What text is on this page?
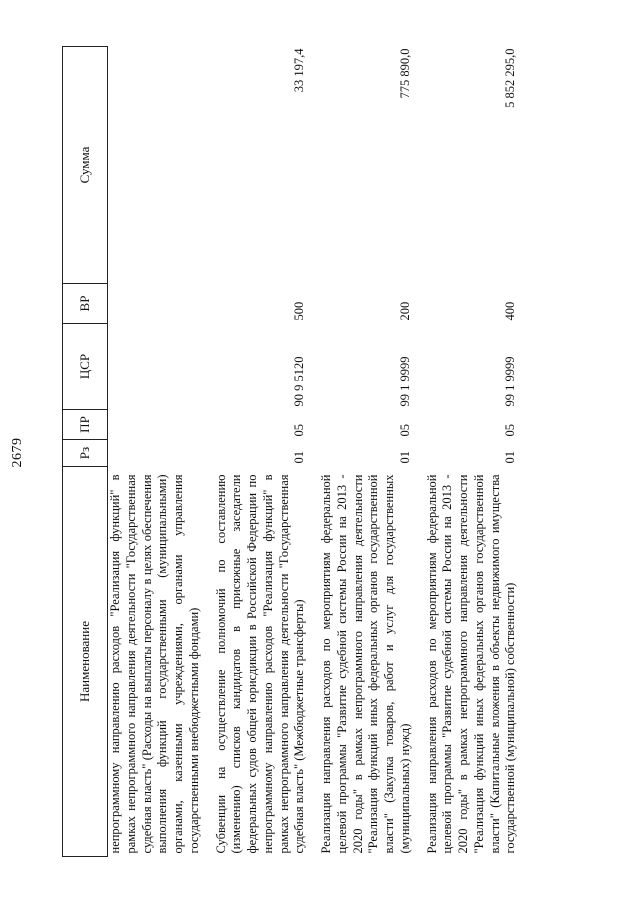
2679
Наименование	Рз	ПР	ЦСР	ВР	Сумма
непрограммному направлению расходов "Реализация функций" в рамках непрограммного направления деятельности "Государственная судебная власть" (Расходы на выплаты персоналу в целях обеспечения выполнения функций государственными (муниципальными) органами, казенными учреждениями, органами управления государственными внебюджетными фондами)					
Субвенции на осуществление полномочий по составлению (изменению) списков кандидатов в присяжные заседатели федеральных судов общей юрисдикции в Российской Федерации по непрограммному направлению расходов "Реализация функций" в рамках непрограммного направления деятельности "Государственная судебная власть" (Межбюджетные трансферты)	01	05	90 9 5120	500	33 197,4
Реализация направления расходов по мероприятиям федеральной целевой программы "Развитие судебной системы России на 2013 - 2020 годы" в рамках непрограммного направления деятельности "Реализация функций иных федеральных органов государственной власти" (Закупка товаров, работ и услуг для государственных (муниципальных) нужд)	01	05	99 1 9999	200	775 890,0
Реализация направления расходов по мероприятиям федеральной целевой программы "Развитие судебной системы России на 2013 - 2020 годы" в рамках непрограммного направления деятельности "Реализация функций иных федеральных органов государственной власти" (Капитальные вложения в объекты недвижимого имущества государственной (муниципальной) собственности)	01	05	99 1 9999	400	5 852 295,0
